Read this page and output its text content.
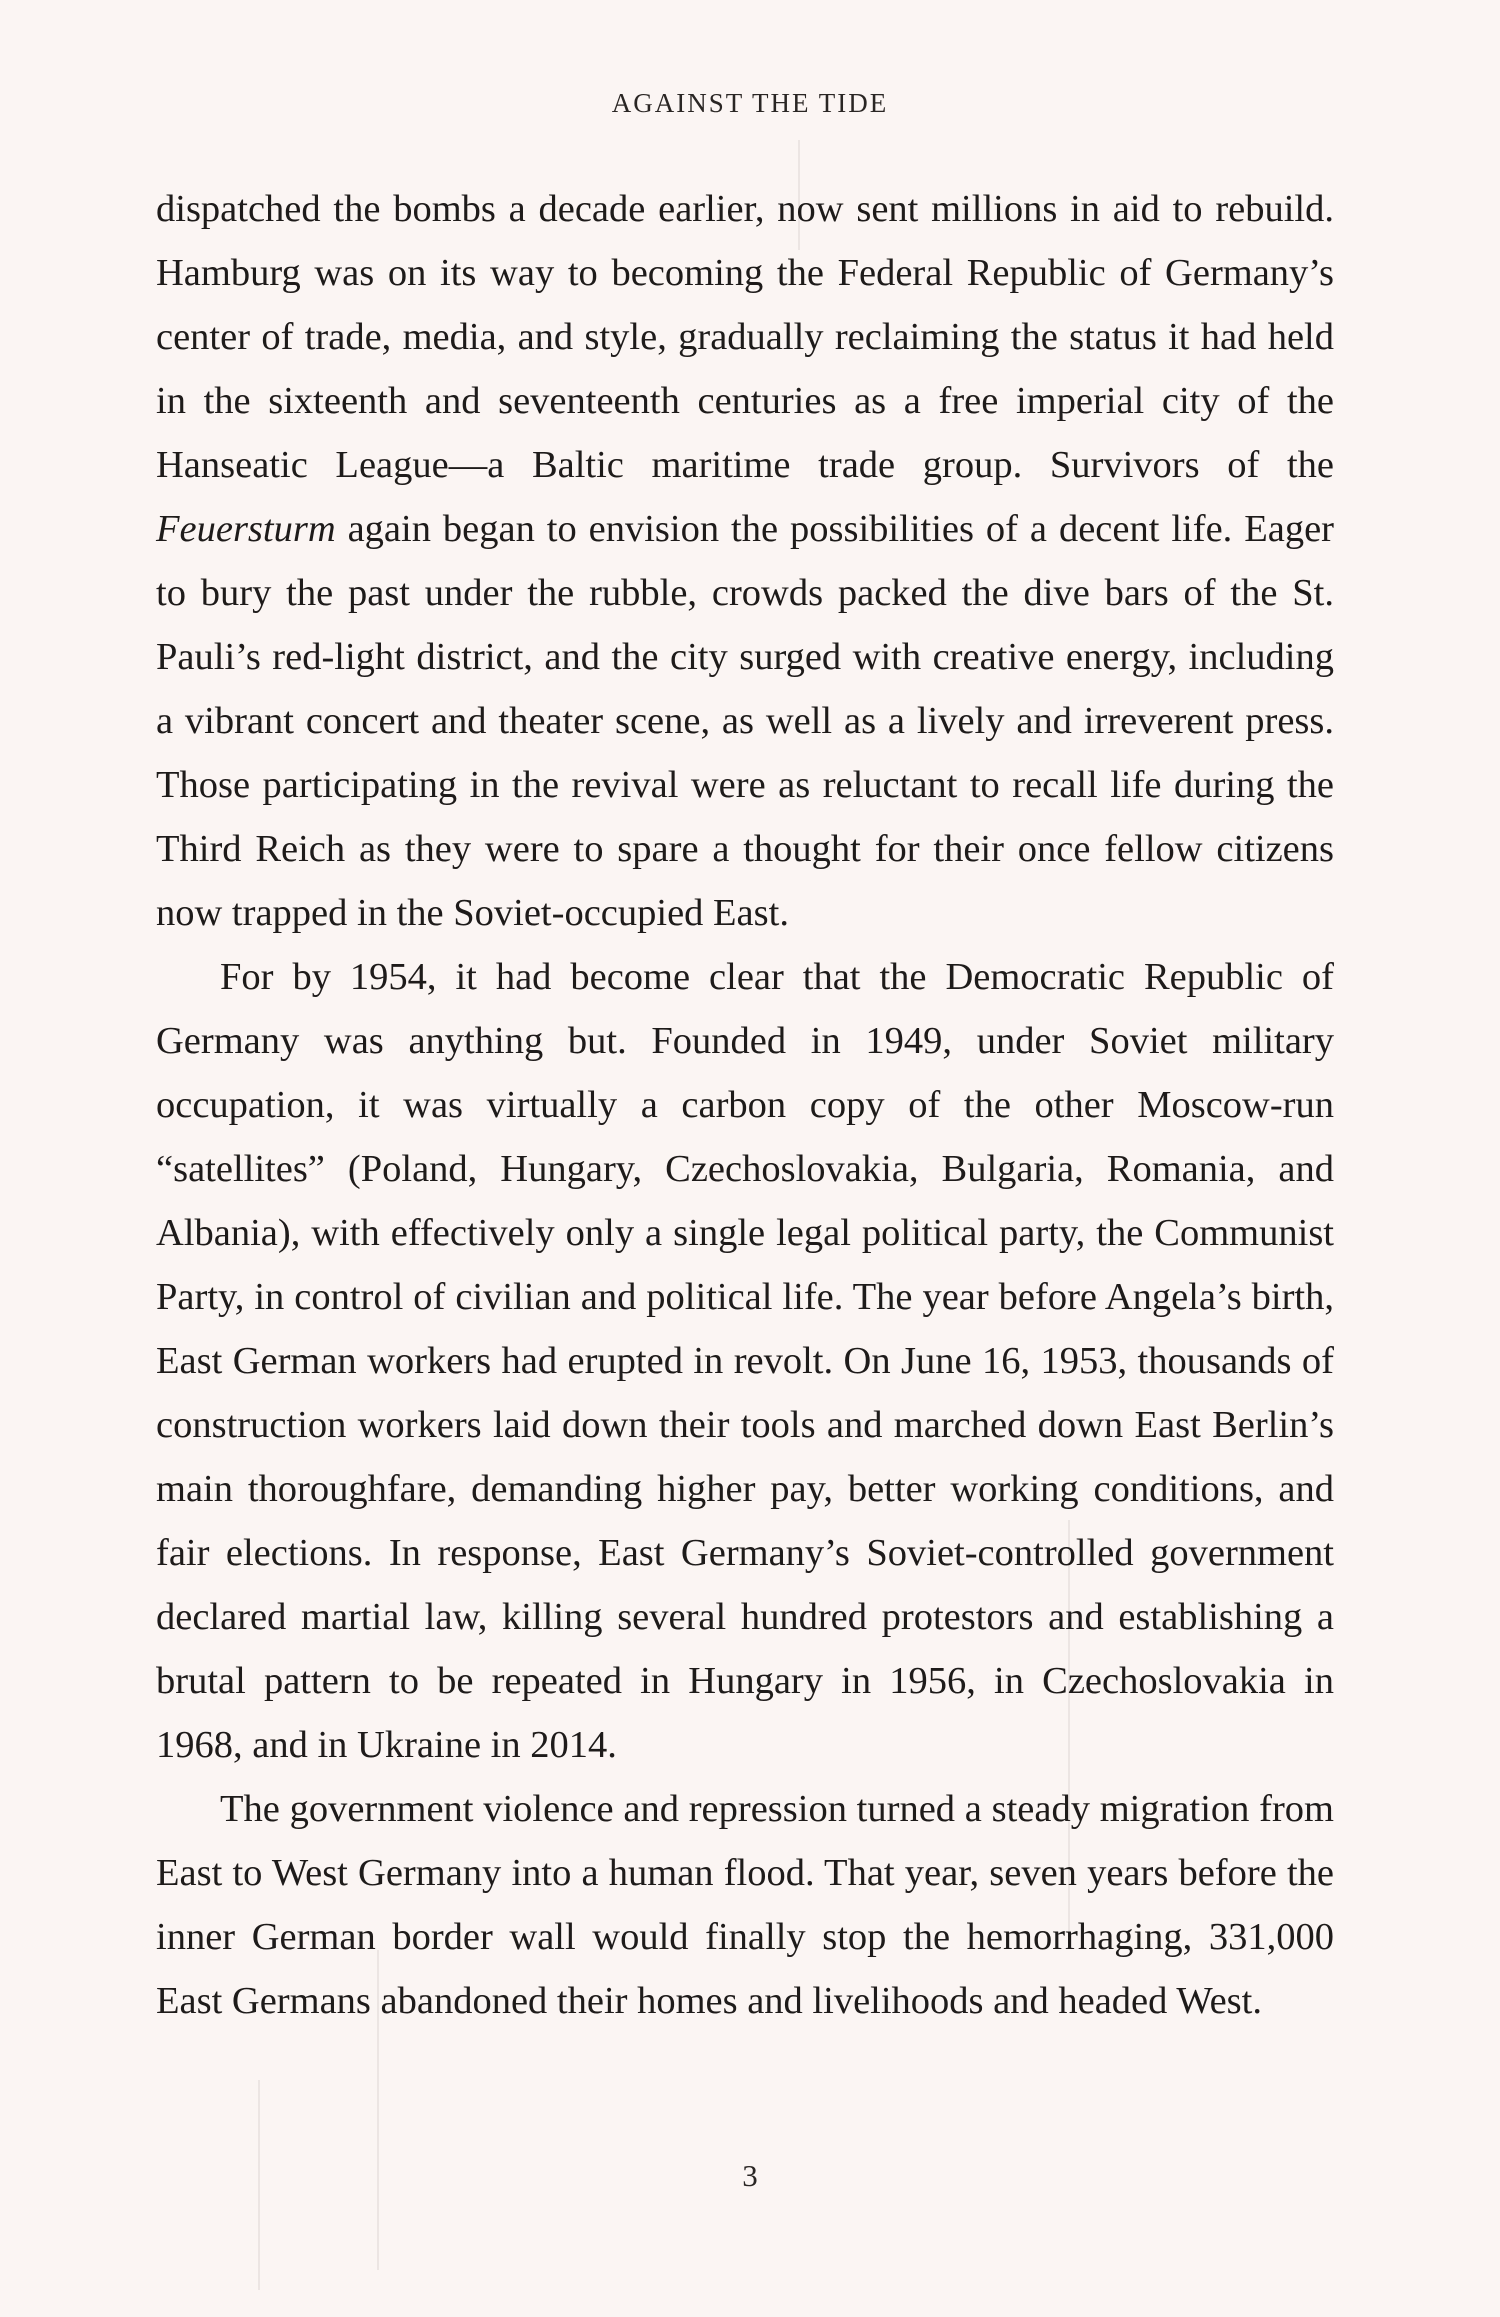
AGAINST THE TIDE

dispatched the bombs a decade earlier, now sent millions in aid to rebuild. Hamburg was on its way to becoming the Federal Republic of Germany’s center of trade, media, and style, gradually reclaiming the status it had held in the sixteenth and seventeenth centuries as a free imperial city of the Hanseatic League—a Baltic maritime trade group. Survivors of the Feuersturm again began to envision the possibilities of a decent life. Eager to bury the past under the rubble, crowds packed the dive bars of the St. Pauli’s red-light district, and the city surged with creative energy, including a vibrant concert and theater scene, as well as a lively and irreverent press. Those participating in the revival were as reluctant to recall life during the Third Reich as they were to spare a thought for their once fellow citizens now trapped in the Soviet-occupied East.

For by 1954, it had become clear that the Democratic Republic of Germany was anything but. Founded in 1949, under Soviet military occupation, it was virtually a carbon copy of the other Moscow-run “satellites” (Poland, Hungary, Czechoslovakia, Bulgaria, Romania, and Albania), with effectively only a single legal political party, the Communist Party, in control of civilian and political life. The year before Angela’s birth, East German workers had erupted in revolt. On June 16, 1953, thousands of construction workers laid down their tools and marched down East Berlin’s main thoroughfare, demanding higher pay, better working conditions, and fair elections. In response, East Germany’s Soviet-controlled government declared martial law, killing several hundred protestors and establishing a brutal pattern to be repeated in Hungary in 1956, in Czechoslovakia in 1968, and in Ukraine in 2014.

The government violence and repression turned a steady migration from East to West Germany into a human flood. That year, seven years before the inner German border wall would finally stop the hemorrhaging, 331,000 East Germans abandoned their homes and livelihoods and headed West.

3
